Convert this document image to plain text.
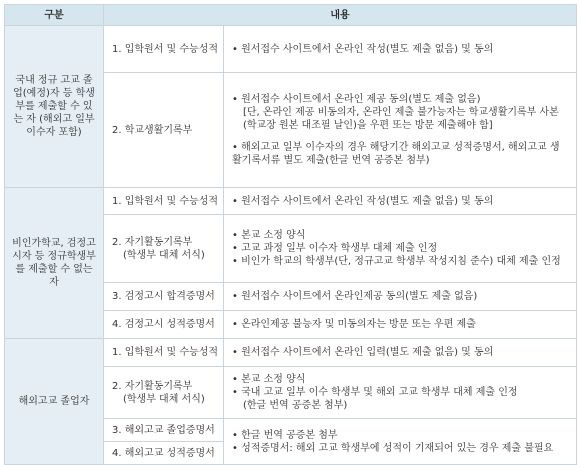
구분	내용	
국내 정규 고교 졸업(예정)자 등 학생부를 제출할 수 있는 자 (해외고 일부 이수자 포함)	1. 입학원서 및 수능성적	• 원서접수 사이트에서 온라인 작성(별도 제출 없음) 및 동의

	2. 학교생활기록부	• 원서접수 사이트에서 온라인 제공 동의(별도 제출 없음)
[단, 온라인 제공 비동의자, 온라인 제출 불가능자는 학교생활기록부 사본(학교장 원본 대조필 날인)을 우편 또는 방문 제출해야 함]
• 해외고교 일부 이수자의 경우 해당기간 해외고교 성적증명서, 해외고교 생활기록서류 별도 제출(한글 번역 공증본 첨부)

비인가학교, 검정고시자 등 정규학생부를 제출할 수 없는 자	1. 입학원서 및 수능성적	• 원서접수 사이트에서 온라인 작성(별도 제출 없음) 및 동의

	2. 자기활동기록부
(학생부 대체 서식)	• 본교 소정 양식
• 고교 과정 일부 이수자 학생부 대체 제출 인정
• 비인가 학교의 학생부(단, 정규고교 학생부 작성지침 준수) 대체 제출 인정

	3. 검정고시 합격증명서	• 원서접수 사이트에서 온라인제공 동의(별도 제출 없음)

	4. 검정고시 성적증명서	• 온라인제공 불능자 및 미동의자는 방문 또는 우편 제출

해외고교 졸업자	1. 입학원서 및 수능성적	• 원서접수 사이트에서 온라인 입력(별도 제출 없음) 및 동의

	2. 자기활동기록부
(학생부 대체 서식)	• 본교 소정 양식
• 국내 고교 일부 이수 학생부 및 해외 고교 학생부 대체 제출 인정
(한글 번역 공증본 첨부)

	3. 해외고교 졸업증명서	• 한글 번역 공증본 첨부
• 성적증명서: 해외 고교 학생부에 성적이 기재되어 있는 경우 제출 불필요

	4. 해외고교 성적증명서	
